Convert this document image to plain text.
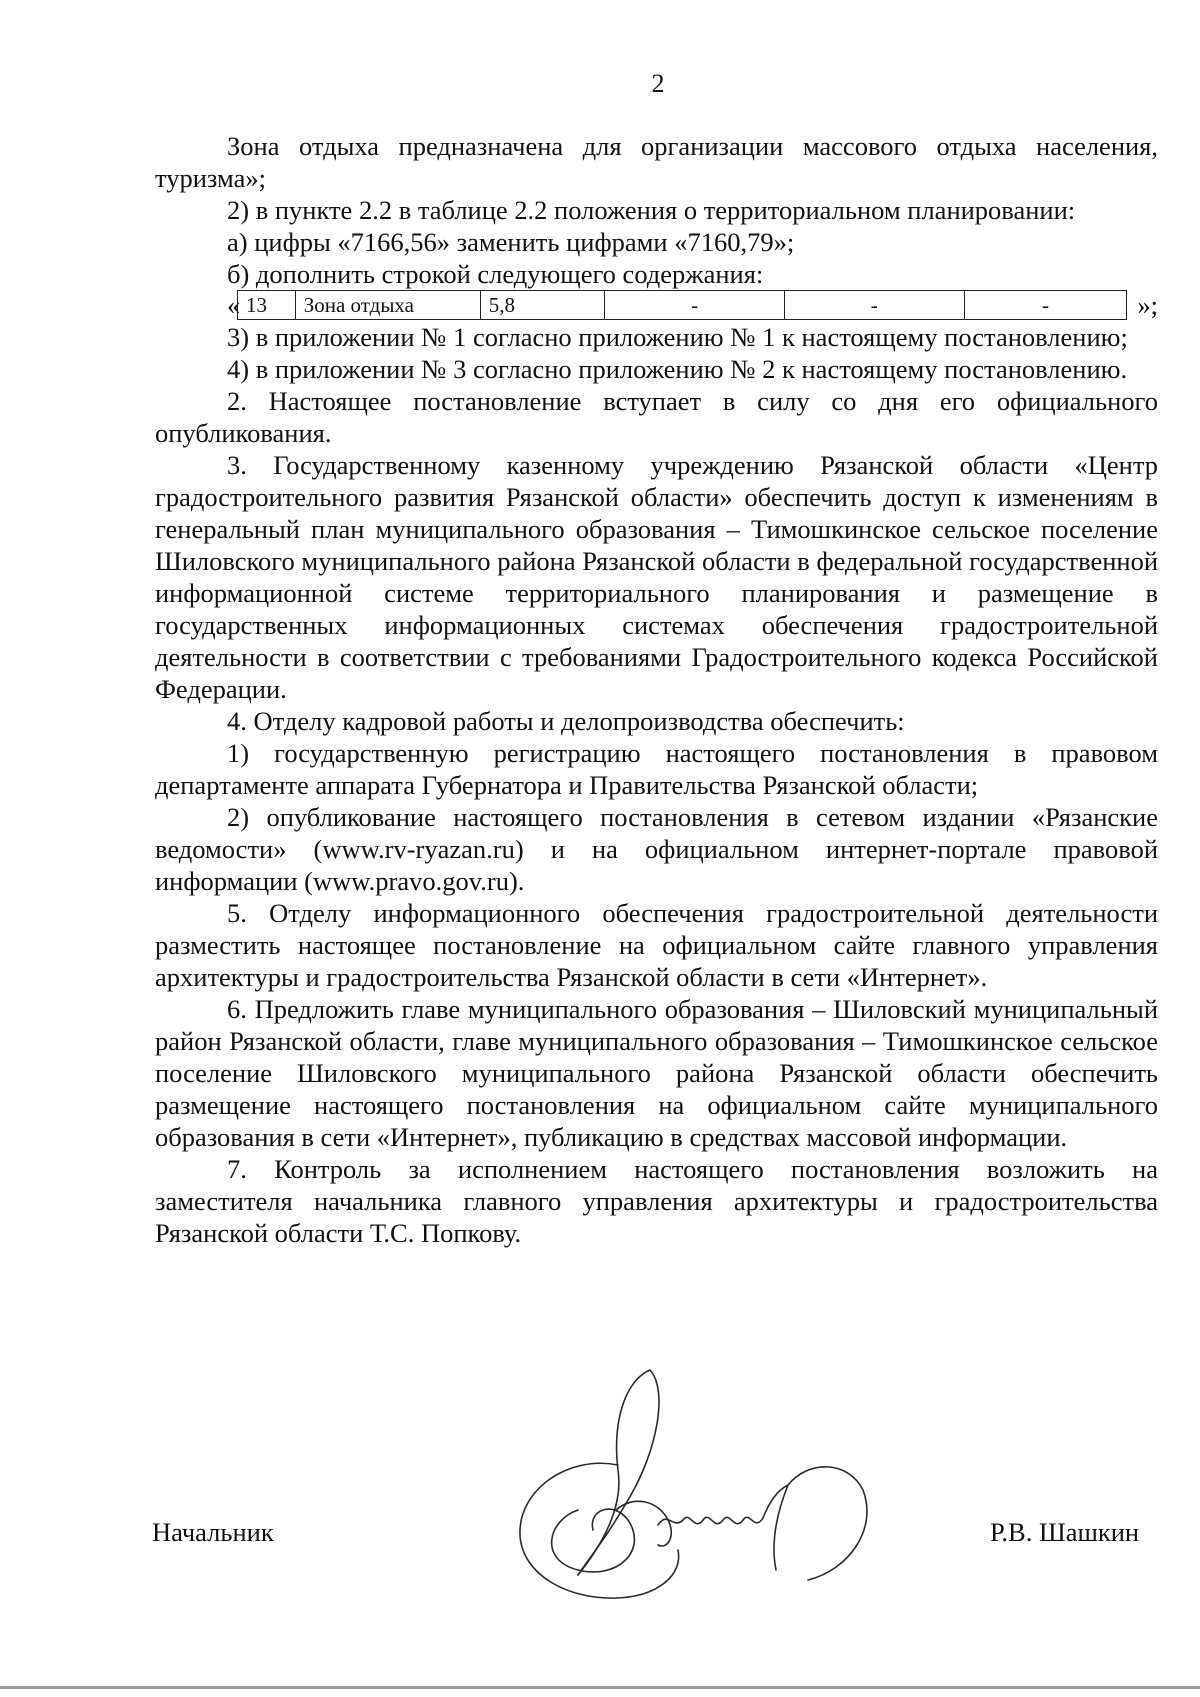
2

Зона отдыха предназначена для организации массового отдыха населения, туризма»;

2) в пункте 2.2 в таблице 2.2 положения о территориальном планировании:

а) цифры «7166,56» заменить цифрами «7160,79»;

б) дополнить строкой следующего содержания:

« 13	Зона отдыха	5,8	-	-	-	»;

3) в приложении № 1 согласно приложению № 1 к настоящему постановлению;

4) в приложении № 3 согласно приложению № 2 к настоящему постановлению.

2. Настоящее постановление вступает в силу со дня его официального опубликования.

3. Государственному казенному учреждению Рязанской области «Центр градостроительного развития Рязанской области» обеспечить доступ к изменениям в генеральный план муниципального образования – Тимошкинское сельское поселение Шиловского муниципального района Рязанской области в федеральной государственной информационной системе территориального планирования и размещение в государственных информационных системах обеспечения градостроительной деятельности в соответствии с требованиями Градостроительного кодекса Российской Федерации.

4. Отделу кадровой работы и делопроизводства обеспечить:

1) государственную регистрацию настоящего постановления в правовом департаменте аппарата Губернатора и Правительства Рязанской области;

2) опубликование настоящего постановления в сетевом издании «Рязанские ведомости» (www.rv-ryazan.ru) и на официальном интернет-портале правовой информации (www.pravo.gov.ru).

5. Отделу информационного обеспечения градостроительной деятельности разместить настоящее постановление на официальном сайте главного управления архитектуры и градостроительства Рязанской области в сети «Интернет».

6. Предложить главе муниципального образования – Шиловский муниципальный район Рязанской области, главе муниципального образования – Тимошкинское сельское поселение Шиловского муниципального района Рязанской области обеспечить размещение настоящего постановления на официальном сайте муниципального образования в сети «Интернет», публикацию в средствах массовой информации.

7. Контроль за исполнением настоящего постановления возложить на заместителя начальника главного управления архитектуры и градостроительства Рязанской области Т.С. Попкову.

Начальник	Р.В. Шашкин
